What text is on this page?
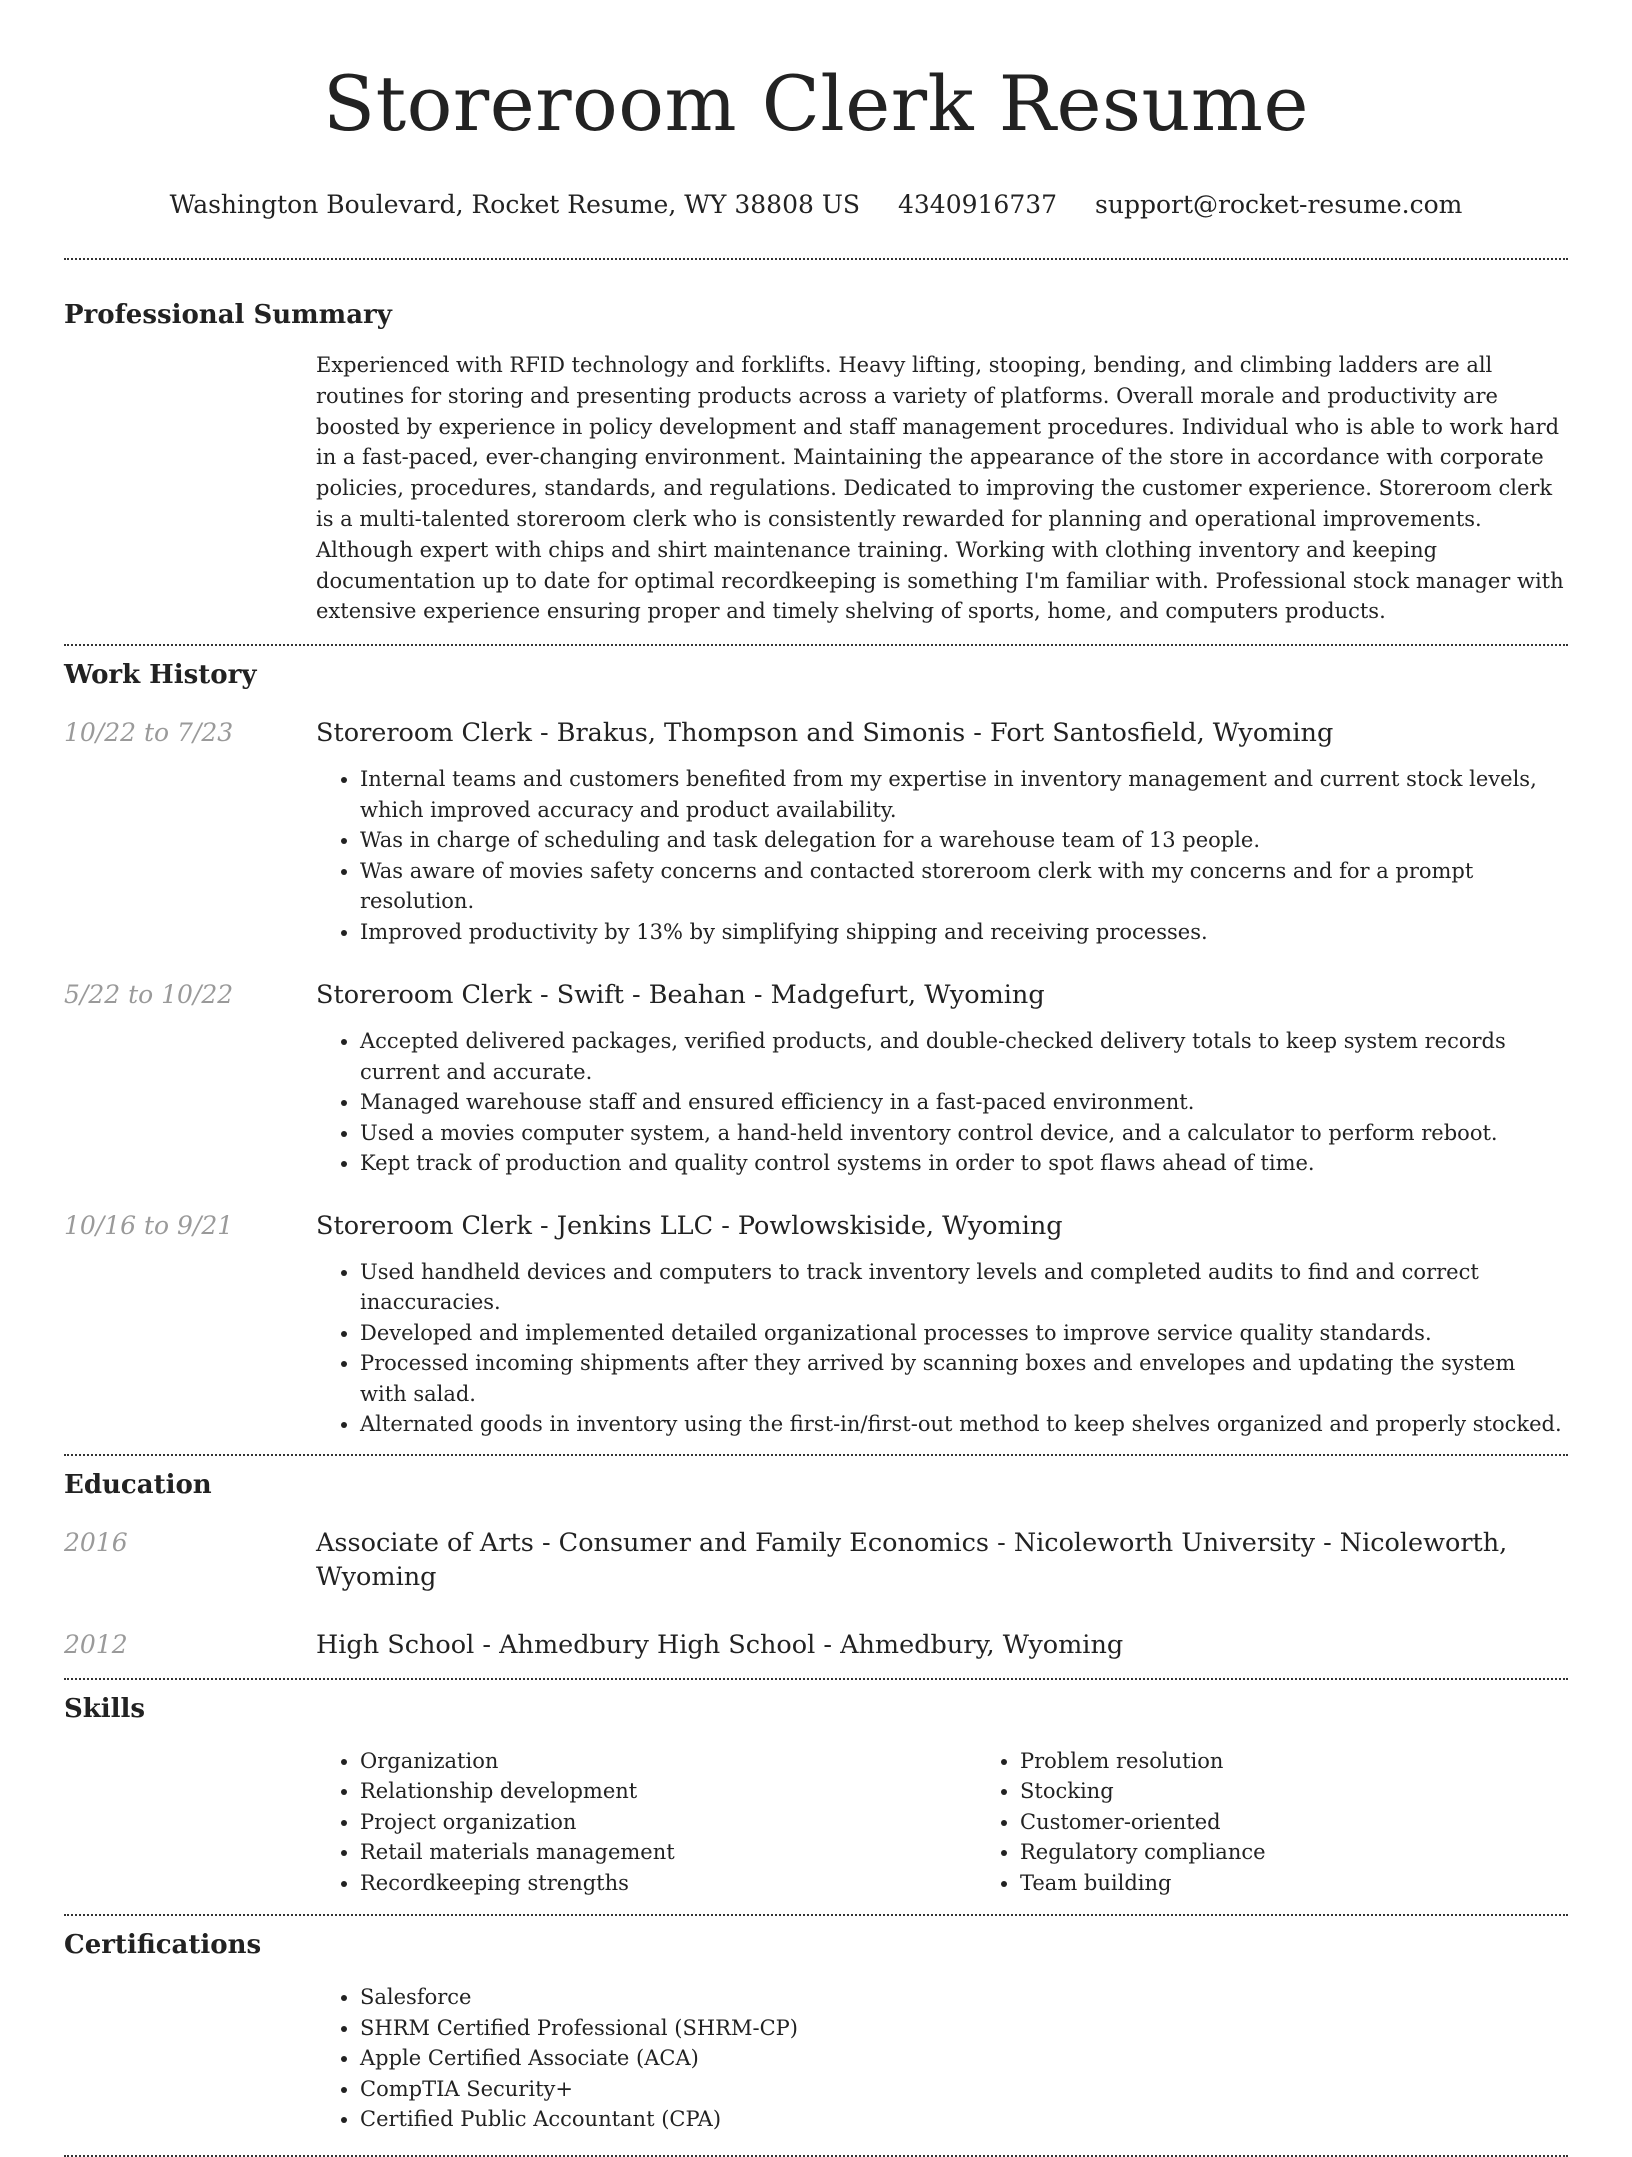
Storeroom Clerk Resume
Washington Boulevard, Rocket Resume, WY 38808 US 4340916737 support@rocket-resume.com
Professional Summary
Experienced with RFID technology and forklifts. Heavy lifting, stooping, bending, and climbing ladders are all routines for storing and presenting products across a variety of platforms. Overall morale and productivity are boosted by experience in policy development and staff management procedures. Individual who is able to work hard in a fast-paced, ever-changing environment. Maintaining the appearance of the store in accordance with corporate policies, procedures, standards, and regulations. Dedicated to improving the customer experience. Storeroom clerk is a multi-talented storeroom clerk who is consistently rewarded for planning and operational improvements. Although expert with chips and shirt maintenance training. Working with clothing inventory and keeping documentation up to date for optimal recordkeeping is something I'm familiar with. Professional stock manager with extensive experience ensuring proper and timely shelving of sports, home, and computers products.
Work History
10/22 to 7/23	Storeroom Clerk - Brakus, Thompson and Simonis - Fort Santosfield, Wyoming
• Internal teams and customers benefited from my expertise in inventory management and current stock levels, which improved accuracy and product availability.
• Was in charge of scheduling and task delegation for a warehouse team of 13 people.
• Was aware of movies safety concerns and contacted storeroom clerk with my concerns and for a prompt resolution.
• Improved productivity by 13% by simplifying shipping and receiving processes.
5/22 to 10/22	Storeroom Clerk - Swift - Beahan - Madgefurt, Wyoming
• Accepted delivered packages, verified products, and double-checked delivery totals to keep system records current and accurate.
• Managed warehouse staff and ensured efficiency in a fast-paced environment.
• Used a movies computer system, a hand-held inventory control device, and a calculator to perform reboot.
• Kept track of production and quality control systems in order to spot flaws ahead of time.
10/16 to 9/21	Storeroom Clerk - Jenkins LLC - Powlowskiside, Wyoming
• Used handheld devices and computers to track inventory levels and completed audits to find and correct inaccuracies.
• Developed and implemented detailed organizational processes to improve service quality standards.
• Processed incoming shipments after they arrived by scanning boxes and envelopes and updating the system with salad.
• Alternated goods in inventory using the first-in/first-out method to keep shelves organized and properly stocked.
Education
2016	Associate of Arts - Consumer and Family Economics - Nicoleworth University - Nicoleworth, Wyoming
2012	High School - Ahmedbury High School - Ahmedbury, Wyoming
Skills
• Organization
• Relationship development
• Project organization
• Retail materials management
• Recordkeeping strengths
• Problem resolution
• Stocking
• Customer-oriented
• Regulatory compliance
• Team building
Certifications
• Salesforce
• SHRM Certified Professional (SHRM-CP)
• Apple Certified Associate (ACA)
• CompTIA Security+
• Certified Public Accountant (CPA)
